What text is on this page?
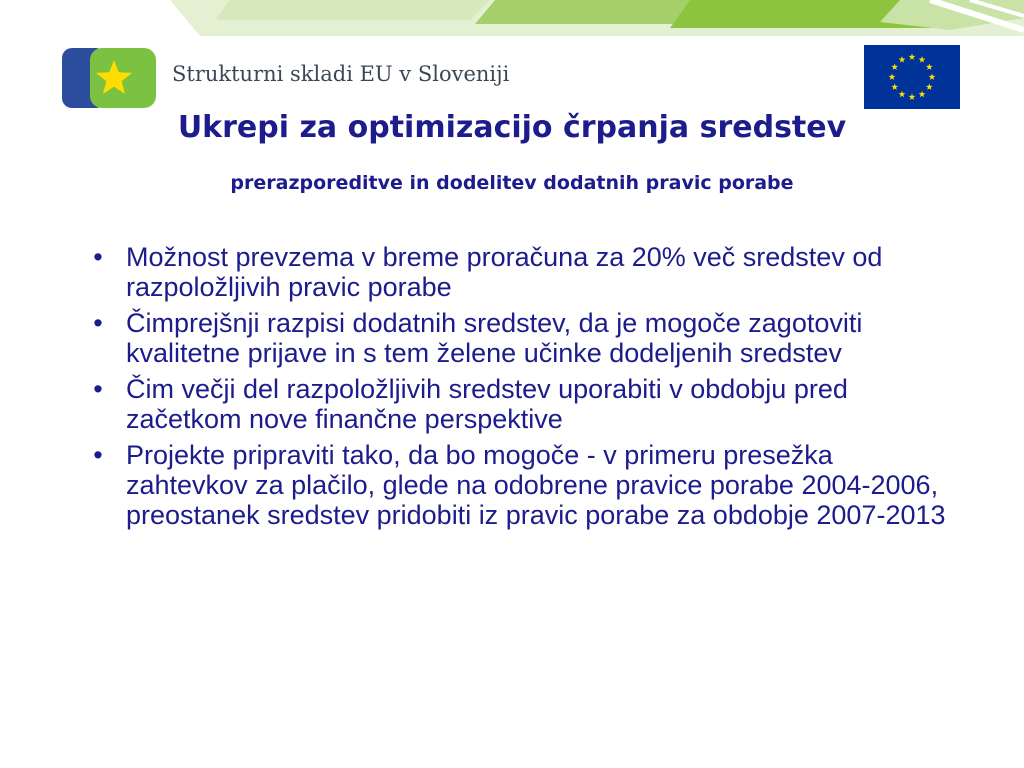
Strukturni skladi EU v Sloveniji
Ukrepi za optimizacijo črpanja sredstev
prerazporeditve in dodelitev dodatnih pravic porabe
• Možnost prevzema v breme proračuna za 20% več sredstev od razpoložljivih pravic porabe
• Čimprejšnji razpisi dodatnih sredstev, da je mogoče zagotoviti kvalitetne prijave in s tem želene učinke dodeljenih sredstev
• Čim večji del razpoložljivih sredstev uporabiti v obdobju pred začetkom nove finančne perspektive
• Projekte pripraviti tako, da bo mogoče - v primeru presežka zahtevkov za plačilo, glede na odobrene pravice porabe 2004-2006, preostanek sredstev pridobiti iz pravic porabe za obdobje 2007-2013
